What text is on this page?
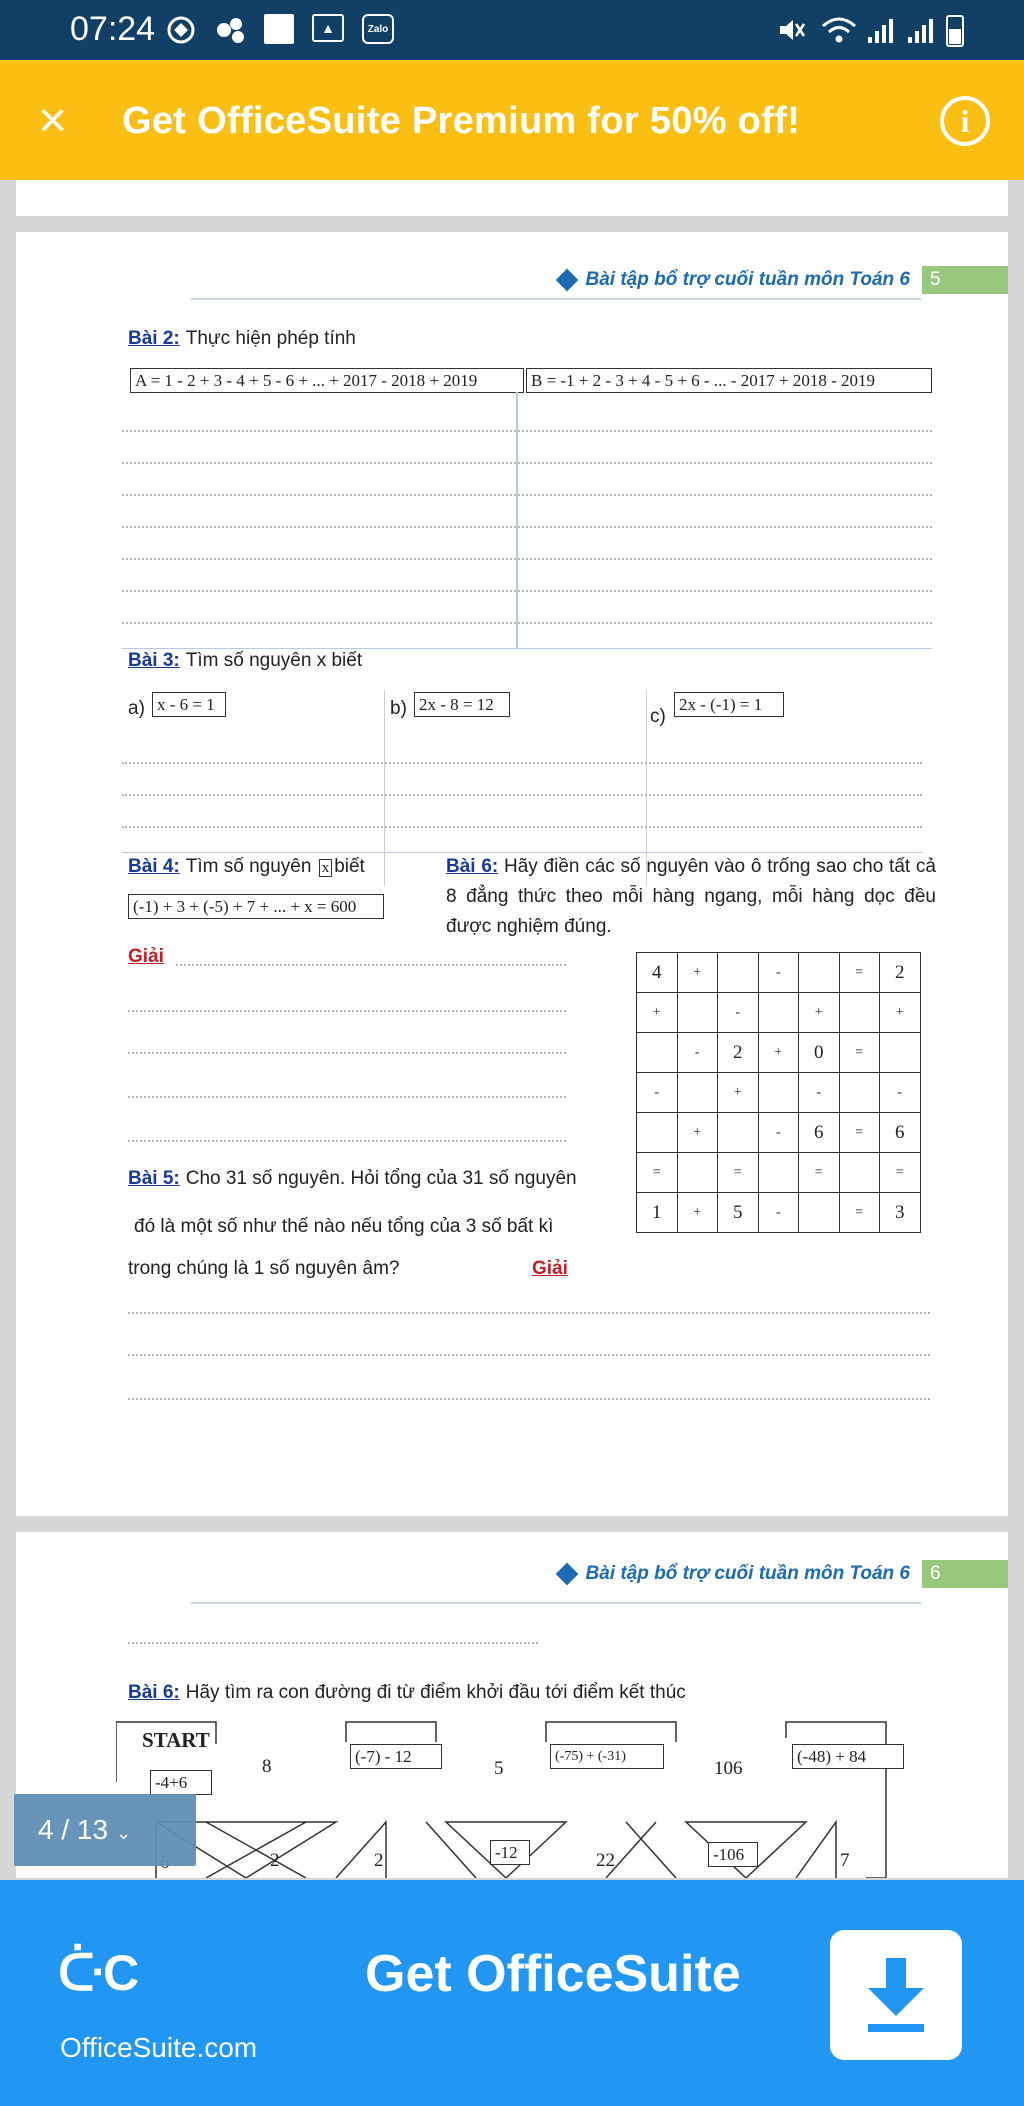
07:24	▲	Zalo
× Get OfficeSuite Premium for 50% off!	i
Bài tập bổ trợ cuối tuần môn Toán 6	5
Bài 2: Thực hiện phép tính
A = 1 - 2 + 3 - 4 + 5 - 6 + ... + 2017 - 2018 + 2019	B = -1 + 2 - 3 + 4 - 5 + 6 - ... - 2017 + 2018 - 2019
Bài 3: Tìm số nguyên x biết
a) x - 6 = 1	b) 2x - 8 = 12
c)
2x - (-1) = 1
Bài 4: Tìm số nguyên x biết
(-1) + 3 + (-5) + 7 + ... + x = 600
Giải
Bài 6: Hãy điền các số nguyên vào ô trống sao cho tất cả 8 đẳng thức theo mỗi hàng ngang, mỗi hàng dọc đều được nghiệm đúng.
4	+		-		=	2
+		-		+		+
	-	2	+	0	=	
-		+		-		-
	+		-	6	=	6
=		=		=		=
1	+	5	-		=	3
Bài 5: Cho 31 số nguyên. Hỏi tổng của 31 số nguyên
đó là một số như thế nào nếu tổng của 3 số bất kì
trong chúng là 1 số nguyên âm?	Giải
Bài tập bổ trợ cuối tuần môn Toán 6	6
Bài 6: Hãy tìm ra con đường đi từ điểm khởi đầu tới điểm kết thúc
START
-4+6
8	(-7) - 12
5
(-75) + (-31)
106
(-48) + 84
2	2	-12	22	-106	7
4 / 13 ⌄
ᑤC	Get OfficeSuite
OfficeSuite.com
